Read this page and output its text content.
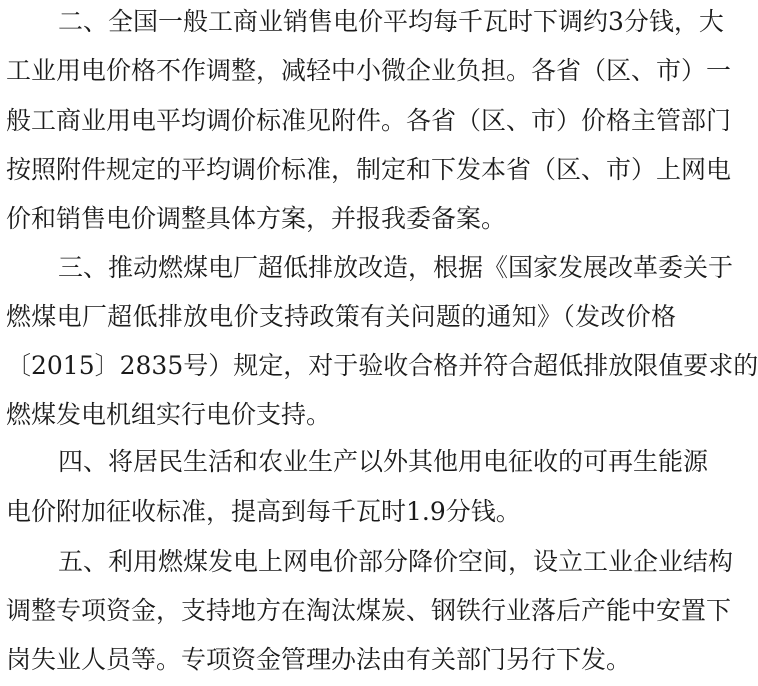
二、全国一般工商业销售电价平均每千瓦时下调约3分钱，大
工业用电价格不作调整，减轻中小微企业负担。各省（区、市）一
般工商业用电平均调价标准见附件。各省（区、市）价格主管部门
按照附件规定的平均调价标准，制定和下发本省（区、市）上网电
价和销售电价调整具体方案，并报我委备案。
三、推动燃煤电厂超低排放改造，根据《国家发展改革委关于
燃煤电厂超低排放电价支持政策有关问题的通知》（发改价格
〔2015〕2835号）规定，对于验收合格并符合超低排放限值要求的
燃煤发电机组实行电价支持。
四、将居民生活和农业生产以外其他用电征收的可再生能源
电价附加征收标准，提高到每千瓦时1.9分钱。
五、利用燃煤发电上网电价部分降价空间，设立工业企业结构
调整专项资金，支持地方在淘汰煤炭、钢铁行业落后产能中安置下
岗失业人员等。专项资金管理办法由有关部门另行下发。
